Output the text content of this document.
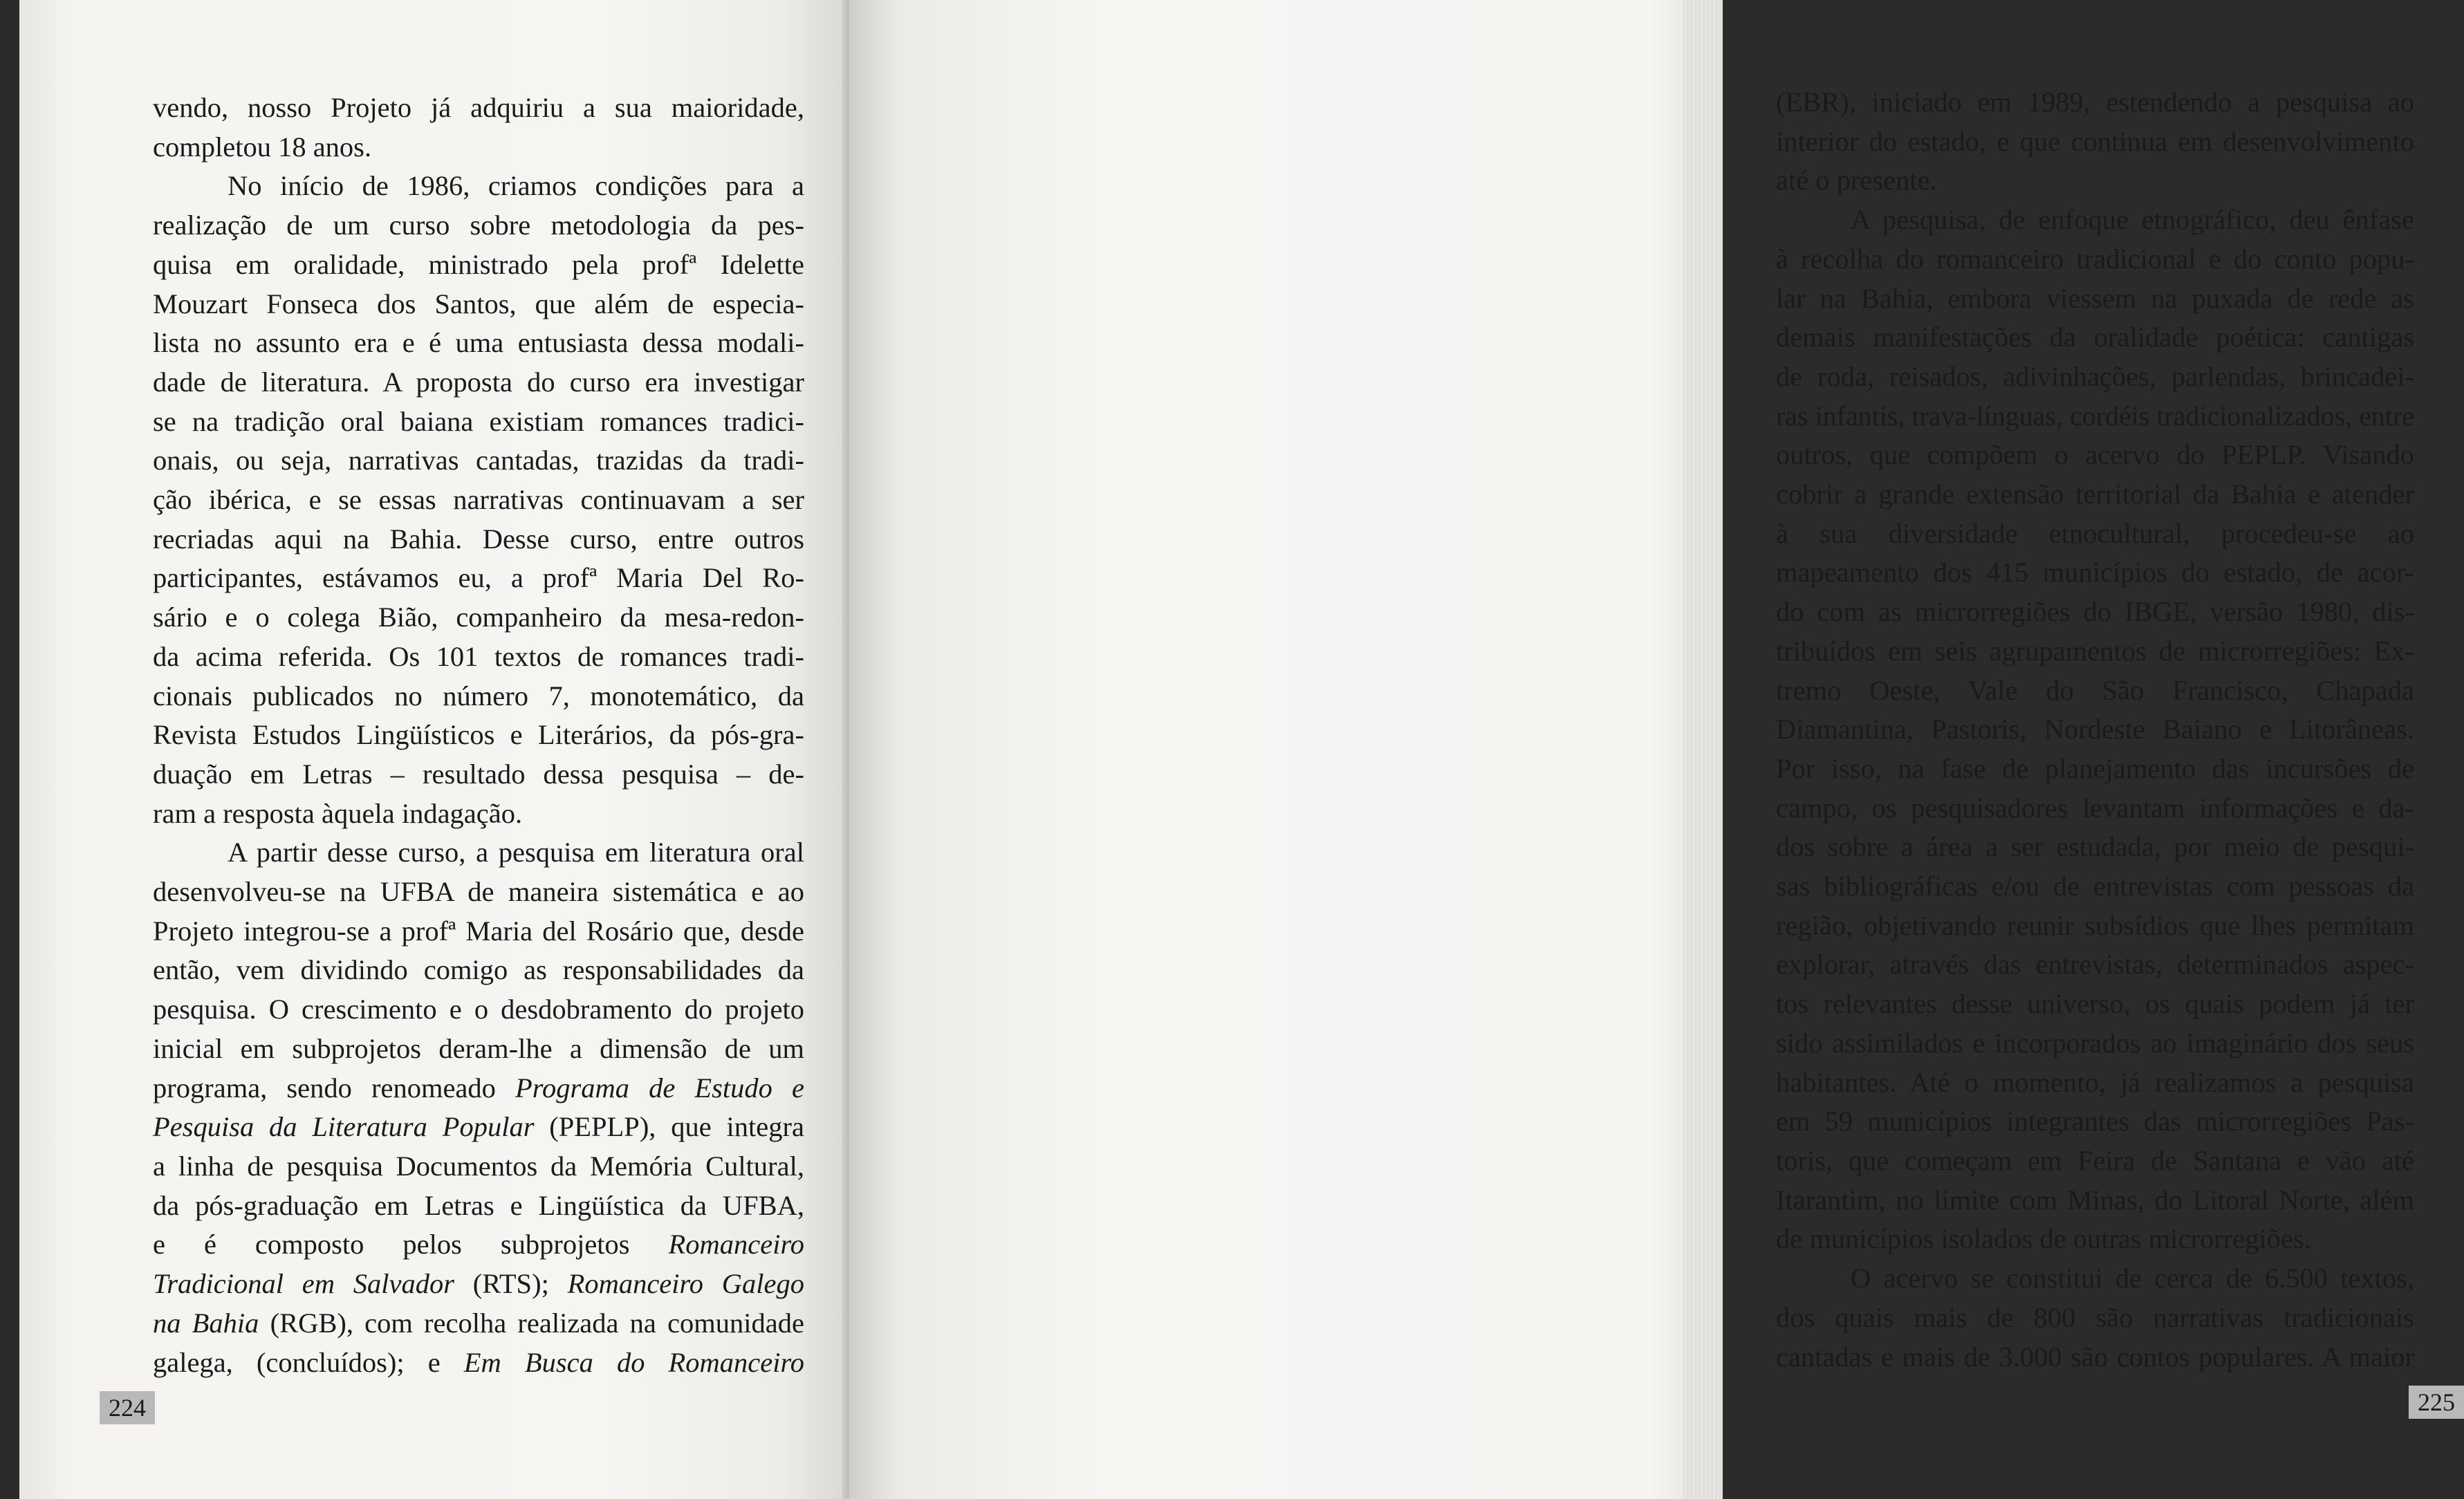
vendo, nosso Projeto já adquiriu a sua maioridade,
completou 18 anos.
No início de 1986, criamos condições para a
realização de um curso sobre metodologia da pes-
quisa em oralidade, ministrado pela profª Idelette
Mouzart Fonseca dos Santos, que além de especia-
lista no assunto era e é uma entusiasta dessa modali-
dade de literatura. A proposta do curso era investigar
se na tradição oral baiana existiam romances tradici-
onais, ou seja, narrativas cantadas, trazidas da tradi-
ção ibérica, e se essas narrativas continuavam a ser
recriadas aqui na Bahia. Desse curso, entre outros
participantes, estávamos eu, a profª Maria Del Ro-
sário e o colega Bião, companheiro da mesa-redon-
da acima referida. Os 101 textos de romances tradi-
cionais publicados no número 7, monotemático, da
Revista Estudos Lingüísticos e Literários, da pós-gra-
duação em Letras – resultado dessa pesquisa – de-
ram a resposta àquela indagação.
A partir desse curso, a pesquisa em literatura oral
desenvolveu-se na UFBA de maneira sistemática e ao
Projeto integrou-se a profª Maria del Rosário que, desde
então, vem dividindo comigo as responsabilidades da
pesquisa. O crescimento e o desdobramento do projeto
inicial em subprojetos deram-lhe a dimensão de um
programa, sendo renomeado Programa de Estudo e
Pesquisa da Literatura Popular (PEPLP), que integra
a linha de pesquisa Documentos da Memória Cultural,
da pós-graduação em Letras e Lingüística da UFBA,
e é composto pelos subprojetos Romanceiro
Tradicional em Salvador (RTS); Romanceiro Galego
na Bahia (RGB), com recolha realizada na comunidade
galega, (concluídos); e Em Busca do Romanceiro
224
(EBR), iniciado em 1989, estendendo a pesquisa ao
interior do estado, e que continua em desenvolvimento
até o presente.
A pesquisa, de enfoque etnográfico, deu ênfase
à recolha do romanceiro tradicional e do conto popu-
lar na Bahia, embora viessem na puxada de rede as
demais manifestações da oralidade poética: cantigas
de roda, reisados, adivinhações, parlendas, brincadei-
ras infantis, trava-línguas, cordéis tradicionalizados, entre
outros, que compõem o acervo do PEPLP. Visando
cobrir a grande extensão territorial da Bahia e atender
à sua diversidade etnocultural, procedeu-se ao
mapeamento dos 415 municípios do estado, de acor-
do com as microrregiões do IBGE, versão 1980, dis-
tribuídos em seis agrupamentos de microrregiões: Ex-
tremo Oeste, Vale do São Francisco, Chapada
Diamantina, Pastoris, Nordeste Baiano e Litorâneas.
Por isso, na fase de planejamento das incursões de
campo, os pesquisadores levantam informações e da-
dos sobre a área a ser estudada, por meio de pesqui-
sas bibliográficas e/ou de entrevistas com pessoas da
região, objetivando reunir subsídios que lhes permitam
explorar, através das entrevistas, determinados aspec-
tos relevantes desse universo, os quais podem já ter
sido assimilados e incorporados ao imaginário dos seus
habitantes. Até o momento, já realizamos a pesquisa
em 59 municípios integrantes das microrregiões Pas-
toris, que começam em Feira de Santana e vão até
Itarantim, no limite com Minas, do Litoral Norte, além
de municípios isolados de outras microrregiões.
O acervo se constitui de cerca de 6.500 textos,
dos quais mais de 800 são narrativas tradicionais
cantadas e mais de 3.000 são contos populares. A maior
225
